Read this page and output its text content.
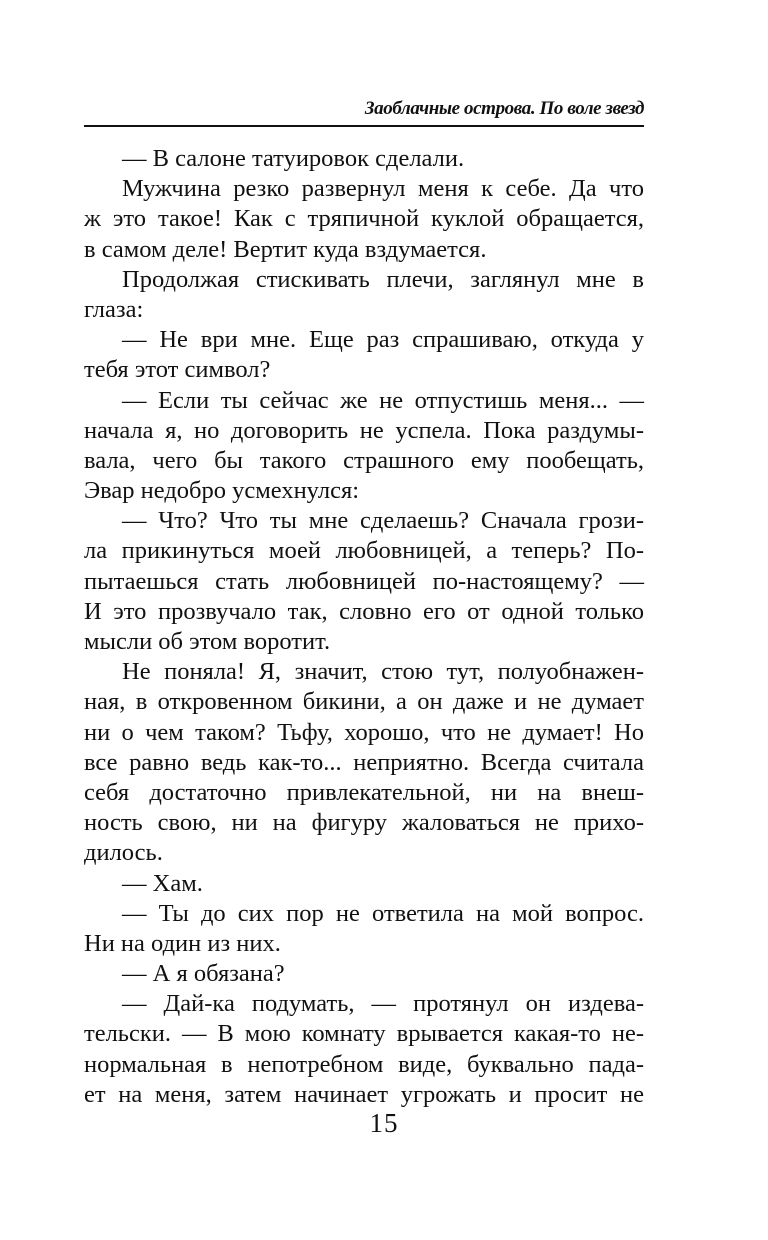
Заоблачные острова. По воле звезд
— В салоне татуировок сделали.
Мужчина резко развернул меня к себе. Да что
ж это такое! Как с тряпичной куклой обращается,
в самом деле! Вертит куда вздумается.
Продолжая стискивать плечи, заглянул мне в
глаза:
— Не ври мне. Еще раз спрашиваю, откуда у
тебя этот символ?
— Если ты сейчас же не отпустишь меня... —
начала я, но договорить не успела. Пока раздумы-
вала, чего бы такого страшного ему пообещать,
Эвар недобро усмехнулся:
— Что? Что ты мне сделаешь? Сначала грози-
ла прикинуться моей любовницей, а теперь? По-
пытаешься стать любовницей по-настоящему? —
И это прозвучало так, словно его от одной только
мысли об этом воротит.
Не поняла! Я, значит, стою тут, полуобнажен-
ная, в откровенном бикини, а он даже и не думает
ни о чем таком? Тьфу, хорошо, что не думает! Но
все равно ведь как-то... неприятно. Всегда считала
себя достаточно привлекательной, ни на внеш-
ность свою, ни на фигуру жаловаться не прихо-
дилось.
— Хам.
— Ты до сих пор не ответила на мой вопрос.
Ни на один из них.
— А я обязана?
— Дай-ка подумать, — протянул он издева-
тельски. — В мою комнату врывается какая-то не-
нормальная в непотребном виде, буквально пада-
ет на меня, затем начинает угрожать и просит не
15
